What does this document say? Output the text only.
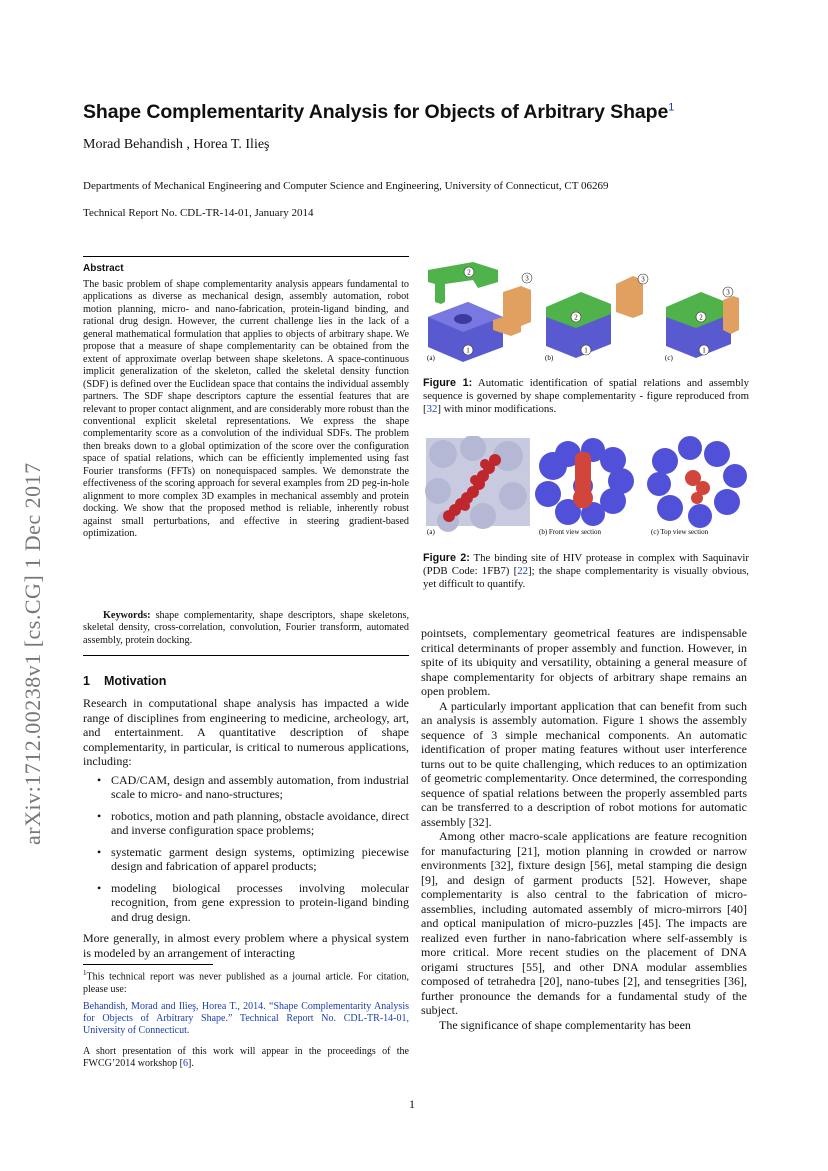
arXiv:1712.00238v1 [cs.CG] 1 Dec 2017
Shape Complementarity Analysis for Objects of Arbitrary Shape$^1$
Morad Behandish , Horea T. Ilieş
Departments of Mechanical Engineering and Computer Science and Engineering, University of Connecticut, CT 06269
Technical Report No. CDL-TR-14-01, January 2014
Abstract
The basic problem of shape complementarity analysis appears fundamental to applications as diverse as mechanical design, assembly automation, robot motion planning, micro- and nano-fabrication, protein-ligand binding, and rational drug design. However, the current challenge lies in the lack of a general mathematical formulation that applies to objects of arbitrary shape. We propose that a measure of shape complementarity can be obtained from the extent of approximate overlap between shape skeletons. A space-continuous implicit generalization of the skeleton, called the skeletal density function (SDF) is defined over the Euclidean space that contains the individual assembly partners. The SDF shape descriptors capture the essential features that are relevant to proper contact alignment, and are considerably more robust than the conventional explicit skeletal representations. We express the shape complementarity score as a convolution of the individual SDFs. The problem then breaks down to a global optimization of the score over the configuration space of spatial relations, which can be efficiently implemented using fast Fourier transforms (FFTs) on nonequispaced samples. We demonstrate the effectiveness of the scoring approach for several examples from 2D peg-in-hole alignment to more complex 3D examples in mechanical assembly and protein docking. We show that the proposed method is reliable, inherently robust against small perturbations, and effective in steering gradient-based optimization.
Keywords: shape complementarity, shape descriptors, shape skeletons, skeletal density, cross-correlation, convolution, Fourier transform, automated assembly, protein docking.
1 Motivation

Research in computational shape analysis has impacted a wide range of disciplines from engineering to medicine, archeology, art, and entertainment. A quantitative description of shape complementarity, in particular, is critical to numerous applications, including:

• CAD/CAM, design and assembly automation, from industrial scale to micro- and nano-structures;
• robotics, motion and path planning, obstacle avoidance, direct and inverse configuration space problems;
• systematic garment design systems, optimizing piecewise design and fabrication of apparel products;
• modeling biological processes involving molecular recognition, from gene expression to protein-ligand binding and drug design.

More generally, in almost every problem where a physical system is modeled by an arrangement of interacting

$^1$This technical report was never published as a journal article. For citation, please use:
Behandish, Morad and Ilieş, Horea T., 2014. “Shape Complementarity Analysis for Objects of Arbitrary Shape.” Technical Report No. CDL-TR-14-01, University of Connecticut.
A short presentation of this work will appear in the proceedings of the FWCG’2014 workshop [6].
2
3
1
(a)
2
3
1
(b)
2
3
1
(c)
Figure 1: Automatic identification of spatial relations and assembly sequence is governed by shape complementarity - figure reproduced from [32] with minor modifications.
(a)	(b) Front view section	(c) Top view section
Figure 2: The binding site of HIV protease in complex with Saquinavir (PDB Code: 1FB7) [22]; the shape complementarity is visually obvious, yet difficult to quantify.

pointsets, complementary geometrical features are indispensable critical determinants of proper assembly and function. However, in spite of its ubiquity and versatility, obtaining a general measure of shape complementarity for objects of arbitrary shape remains an open problem.

A particularly important application that can benefit from such an analysis is assembly automation. Figure 1 shows the assembly sequence of 3 simple mechanical components. An automatic identification of proper mating features without user interference turns out to be quite challenging, which reduces to an optimization of geometric complementarity. Once determined, the corresponding sequence of spatial relations between the properly assembled parts can be transferred to a description of robot motions for automatic assembly [32].

Among other macro-scale applications are feature recognition for manufacturing [21], motion planning in crowded or narrow environments [32], fixture design [56], metal stamping die design [9], and design of garment products [52]. However, shape complementarity is also central to the fabrication of micro-assemblies, including automated assembly of micro-mirrors [40] and optical manipulation of micro-puzzles [45]. The impacts are realized even further in nano-fabrication where self-assembly is more critical. More recent studies on the placement of DNA origami structures [55], and other DNA modular assemblies composed of tetrahedra [20], nano-tubes [2], and tensegrities [36], further pronounce the demands for a fundamental study of the subject.

The significance of shape complementarity has been

1
